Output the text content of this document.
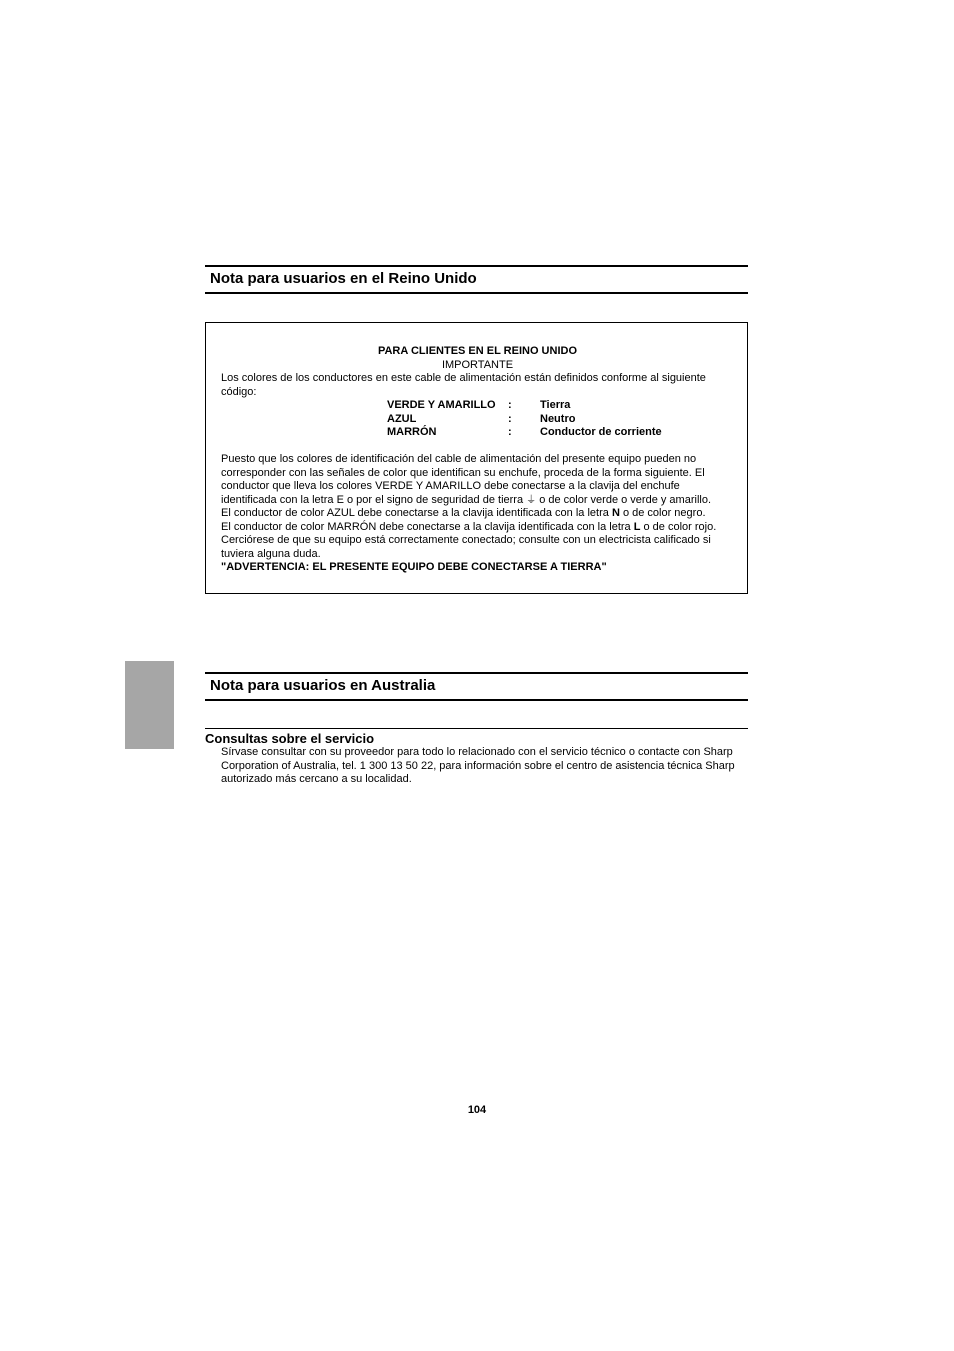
Nota para usuarios en el Reino Unido

PARA CLIENTES EN EL REINO UNIDO

IMPORTANTE

Los colores de los conductores en este cable de alimentación están definidos conforme al siguiente código:

VERDE Y AMARILLO	:	Tierra
AZUL	:	Neutro
MARRÓN	:	Conductor de corriente

Puesto que los colores de identificación del cable de alimentación del presente equipo pueden no corresponder con las señales de color que identifican su enchufe, proceda de la forma siguiente. El conductor que lleva los colores VERDE Y AMARILLO debe conectarse a la clavija del enchufe identificada con la letra E o por el signo de seguridad de tierra ⏚ o de color verde o verde y amarillo.

El conductor de color AZUL debe conectarse a la clavija identificada con la letra N o de color negro.

El conductor de color MARRÓN debe conectarse a la clavija identificada con la letra L o de color rojo.

Cerciórese de que su equipo está correctamente conectado; consulte con un electricista calificado si tuviera alguna duda.

"ADVERTENCIA: EL PRESENTE EQUIPO DEBE CONECTARSE A TIERRA"

Nota para usuarios en Australia
Consultas sobre el servicio

Sírvase consultar con su proveedor para todo lo relacionado con el servicio técnico o contacte con Sharp Corporation of Australia, tel. 1 300 13 50 22, para información sobre el centro de asistencia técnica Sharp autorizado más cercano a su localidad.

104
